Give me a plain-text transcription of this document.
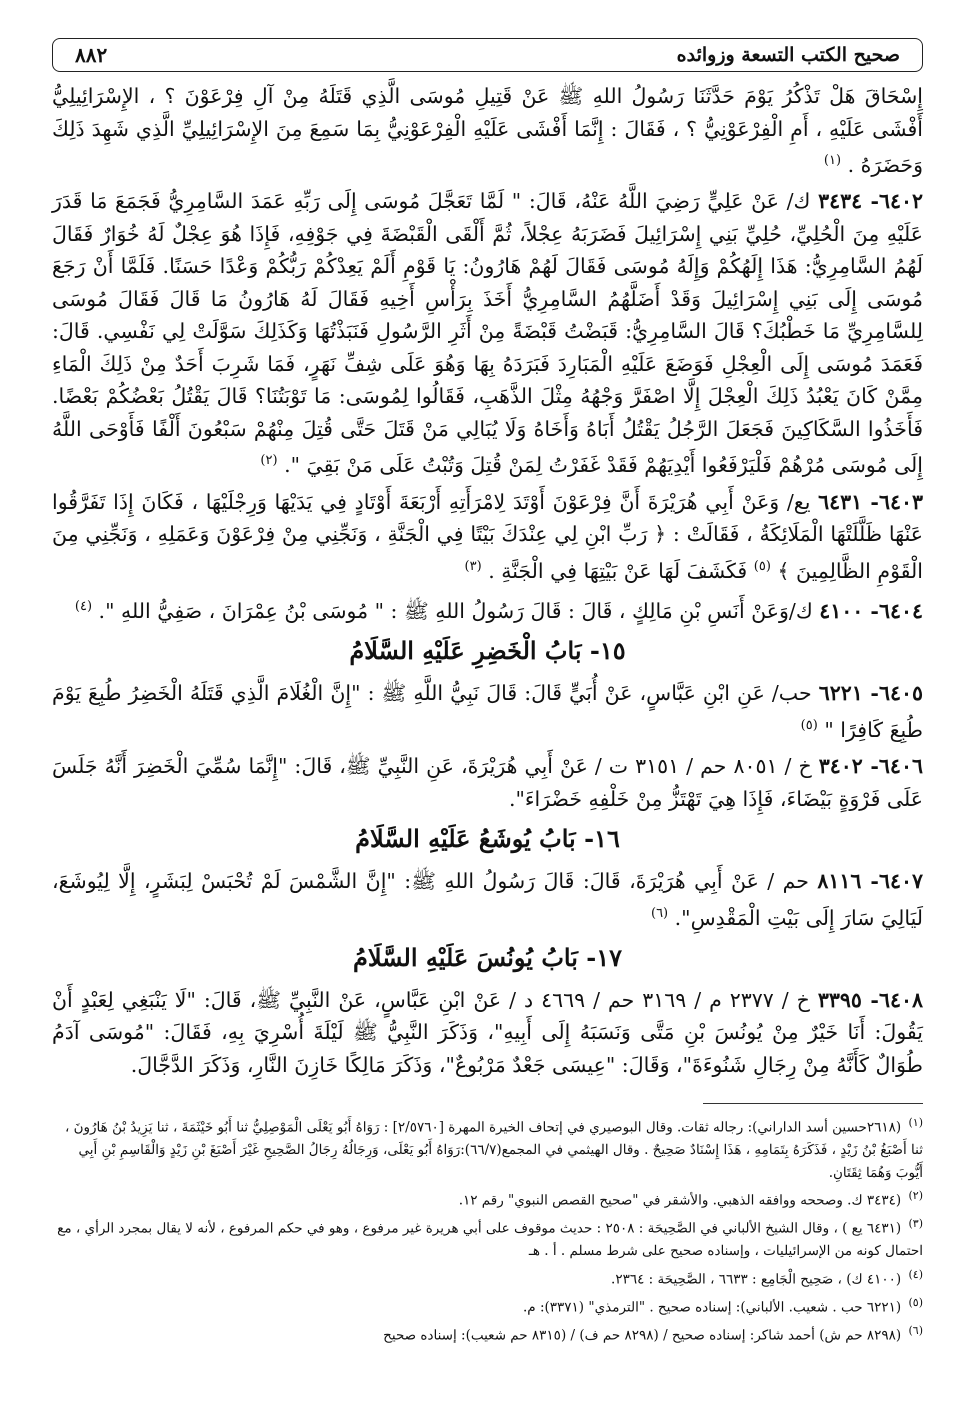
صحيح الكتب التسعة وزوائده
٨٨٢

إِسْحَاقَ هَلْ تَذْكُرُ يَوْمَ حَدَّثَنَا رَسُولُ اللهِ ﷺ عَنْ قَتِيلِ مُوسَى الَّذِي قَتَلَهُ مِنْ آلِ فِرْعَوْنَ ؟ ، الإِسْرَائِيلِيُّ أَفْشَى عَلَيْهِ ، أَمِ الْفِرْعَوْنِيُّ ؟ ، فَقَالَ : إِنَّمَا أَفْشَى عَلَيْهِ الْفِرْعَوْنِيُّ بِمَا سَمِعَ مِنَ الإِسْرَائِيلِيِّ الَّذِي شَهِدَ ذَلِكَ وَحَضَرَهُ . $^{(١)}$

٦٤٠٢- ٣٤٣٤ ك/ عَنْ عَلِيٍّ رَضِيَ اللَّهُ عَنْهُ، قَالَ: " لَمَّا تَعَجَّلَ مُوسَى إِلَى رَبِّهِ عَمَدَ السَّامِرِيُّ فَجَمَعَ مَا قَدَرَ عَلَيْهِ مِنَ الْحُلِيِّ، حُلِيِّ بَنِي إِسْرَائِيلَ فَضَرَبَهُ عِجْلاً، ثُمَّ أَلْقَى الْقَبْضَةَ فِي جَوْفِهِ، فَإِذَا هُوَ عِجْلٌ لَهُ خُوَارٌ فَقَالَ لَهُمُ السَّامِرِيُّ: هَذَا إِلَهُكُمْ وَإِلَهُ مُوسَى فَقَالَ لَهُمْ هَارُونُ: يَا قَوْمِ أَلَمْ يَعِدْكُمْ رَبُّكُمْ وَعْدًا حَسَنًا. فَلَمَّا أَنْ رَجَعَ مُوسَى إِلَى بَنِي إِسْرَائِيلَ وَقَدْ أَضَلَّهُمُ السَّامِرِيُّ أَخَذَ بِرَأْسِ أَخِيهِ فَقَالَ لَهُ هَارُونُ مَا قَالَ فَقَالَ مُوسَى لِلسَّامِرِيِّ مَا خَطْبُكَ؟ قَالَ السَّامِرِيُّ: قَبَضْتُ قَبْضَةً مِنْ أَثَرِ الرَّسُولِ فَنَبَذْتُهَا وَكَذَلِكَ سَوَّلَتْ لِي نَفْسِي. قَالَ: فَعَمَدَ مُوسَى إِلَى الْعِجْلِ فَوَضَعَ عَلَيْهِ الْمَبَارِدَ فَبَرَدَهُ بِهَا وَهُوَ عَلَى شِفِّ نَهَرٍ، فَمَا شَرِبَ أَحَدٌ مِنْ ذَلِكَ الْمَاءِ مِمَّنْ كَانَ يَعْبُدُ ذَلِكَ الْعِجْلَ إِلَّا اصْفَرَّ وَجْهُهُ مِثْلَ الذَّهَبِ، فَقَالُوا لِمُوسَى: مَا تَوْبَتُنَا؟ قَالَ يَقْتُلُ بَعْضُكُمْ بَعْضًا. فَأَخَذُوا السَّكَاكِينَ فَجَعَلَ الرَّجُلُ يَقْتُلُ أَبَاهُ وَأَخَاهُ وَلَا يُبَالِي مَنْ قَتَلَ حَتَّى قُتِلَ مِنْهُمْ سَبْعُونَ أَلْفًا فَأَوْحَى اللَّهُ إِلَى مُوسَى مُرْهُمْ فَلْيَرْفَعُوا أَيْدِيَهُمْ فَقَدْ غَفَرْتُ لِمَنْ قُتِلَ وَتُبْتُ عَلَى مَنْ بَقِيَ ". $^{(٢)}$

٦٤٠٣- ٦٤٣١ يع/ وَعَنْ أَبِي هُرَيْرَةَ أَنَّ فِرْعَوْنَ أَوْتَدَ لِامْرَأَتِهِ أَرْبَعَةَ أَوْتَادٍ فِي يَدَيْهَا وَرِجْلَيْهَا ، فَكَانَ إِذَا تَفَرَّقُوا عَنْهَا ظَلَّلَتْهَا الْمَلَائِكَةُ ، فَقَالَتْ : ﴿ رَبِّ ابْنِ لِي عِنْدَكَ بَيْتًا فِي الْجَنَّةِ ، وَنَجِّنِي مِنْ فِرْعَوْنَ وَعَمَلِهِ ، وَنَجِّنِي مِنَ الْقَوْمِ الظَّالِمِينَ ﴾ $^{(٥)}$ فَكَشَفَ لَهَا عَنْ بَيْتِهَا فِي الْجَنَّةِ . $^{(٣)}$

٦٤٠٤- ٤١٠٠ ك/وَعَنْ أَنَسِ بْنِ مَالِكٍ ، قَالَ : قَالَ رَسُولُ اللهِ ﷺ : " مُوسَى بْنُ عِمْرَانَ ، صَفِيُّ اللهِ ". $^{(٤)}$

١٥- بَابُ الْخَضِرِ عَلَيْهِ السَّلَامُ

٦٤٠٥- ٦٢٢١ حب/ عَنِ ابْنِ عَبَّاسٍ، عَنْ أُبَيٍّ قَالَ: قَالَ نَبِيُّ اللَّهِ ﷺ : "إِنَّ الْغُلَامَ الَّذِي قَتَلَهُ الْخَضِرُ طُبِعَ يَوْمَ طُبِعَ كَافِرًا " $^{(٥)}$

٦٤٠٦- ٣٤٠٢ خ / ٨٠٥١ حم / ٣١٥١ ت / عَنْ أَبِي هُرَيْرَةَ، عَنِ النَّبِيِّ ﷺ، قَالَ: "إِنَّمَا سُمِّيَ الْخَضِرَ أَنَّهُ جَلَسَ عَلَى فَرْوَةٍ بَيْضَاءَ، فَإِذَا هِيَ تَهْتَزُّ مِنْ خَلْفِهِ خَضْرَاءَ".

١٦- بَابُ يُوشَعُ عَلَيْهِ السَّلَامُ

٦٤٠٧- ٨١١٦ حم / عَنْ أَبِي هُرَيْرَةَ، قَالَ: قَالَ رَسُولُ اللهِ ﷺ: "إِنَّ الشَّمْسَ لَمْ تُحْبَسْ لِبَشَرٍ، إِلَّا لِيُوشَعَ، لَيَالِيَ سَارَ إِلَى بَيْتِ الْمَقْدِسِ". $^{(٦)}$

١٧- بَابُ يُونُسَ عَلَيْهِ السَّلَامُ

٦٤٠٨- ٣٣٩٥ خ / ٢٣٧٧ م / ٣١٦٩ حم / ٤٦٦٩ د / عَنْ ابْنِ عَبَّاسٍ، عَنْ النَّبِيِّ ﷺ، قَالَ: "لَا يَنْبَغِي لِعَبْدٍ أَنْ يَقُولَ: أَنَا خَيْرٌ مِنْ يُونُسَ بْنِ مَتَّى وَنَسَبَهُ إِلَى أَبِيهِ"، وَذَكَرَ النَّبِيُّ ﷺ لَيْلَةَ أُسْرِيَ بِهِ، فَقَالَ: "مُوسَى آدَمُ طُوَالٌ كَأَنَّهُ مِنْ رِجَالِ شَنُوءَةَ"، وَقَالَ: "عِيسَى جَعْدٌ مَرْبُوعٌ"، وَذَكَرَ مَالِكًا خَازِنَ النَّارِ، وَذَكَرَ الدَّجَّالَ.

$^{(١)}$ (٢٦١٨حسين أسد الداراني): رجاله ثقات. وقال البوصيري في إتحاف الخيرة المهرة [٢/٥٧٦٠] : رَوَاهُ أَبُو يَعْلَى الْمَوْصِلِيُّ ثنا أَبُو خَيْثَمَةَ ، ثنا يَزِيدُ بْنُ هَارُونَ ، ثنا أَصْبَغُ بْنُ زَيْدٍ ، فَذَكَرَهُ بِتَمَامِهِ ، هَذَا إِسْنَادٌ صَحِيحٌ . وقال الهيثمي في المجمع(٦٦/٧):رَوَاهُ أَبُو يَعْلَى، وَرِجَالُهُ رِجَالُ الصَّحِيحِ غَيْرَ أَصْبَغَ بْنِ زَيْدٍ وَالْقَاسِمِ بْنِ أَبِي أَيُّوبَ وَهُمَا ثِقَتَانِ.

$^{(٢)}$ (٣٤٣٤ ك. وصححه ووافقه الذهبي. والأشقر في "صحيح القصص النبوي" رقم ١٢.

$^{(٣)}$ (٦٤٣١ يع ) ، وقال الشيخ الألباني في الصَّحِيحَة : ٢٥٠٨ : حديث موقوف على أبي هريرة غير مرفوع ، وهو في حكم المرفوع ، لأنه لا يقال بمجرد الرأي ، مع احتمال كونه من الإسرائيليات ، وإسناده صحيح على شرط مسلم . أ . هـ

$^{(٤)}$ (٤١٠٠ ك) ، صَحِيح الْجَامِع : ٦٦٣٣ ، الصَّحِيحَة : ٢٣٦٤.

$^{(٥)}$ (٦٢٢١ حب . شعيب. الألباني): إسناده صحيح . "الترمذي" (٣٣٧١): م.

$^{(٦)}$ (٨٢٩٨ حم ش) أحمد شاكر: إسناده صحيح / (٨٢٩٨ حم ف) / (٨٣١٥ حم شعيب): إسناده صحيح
